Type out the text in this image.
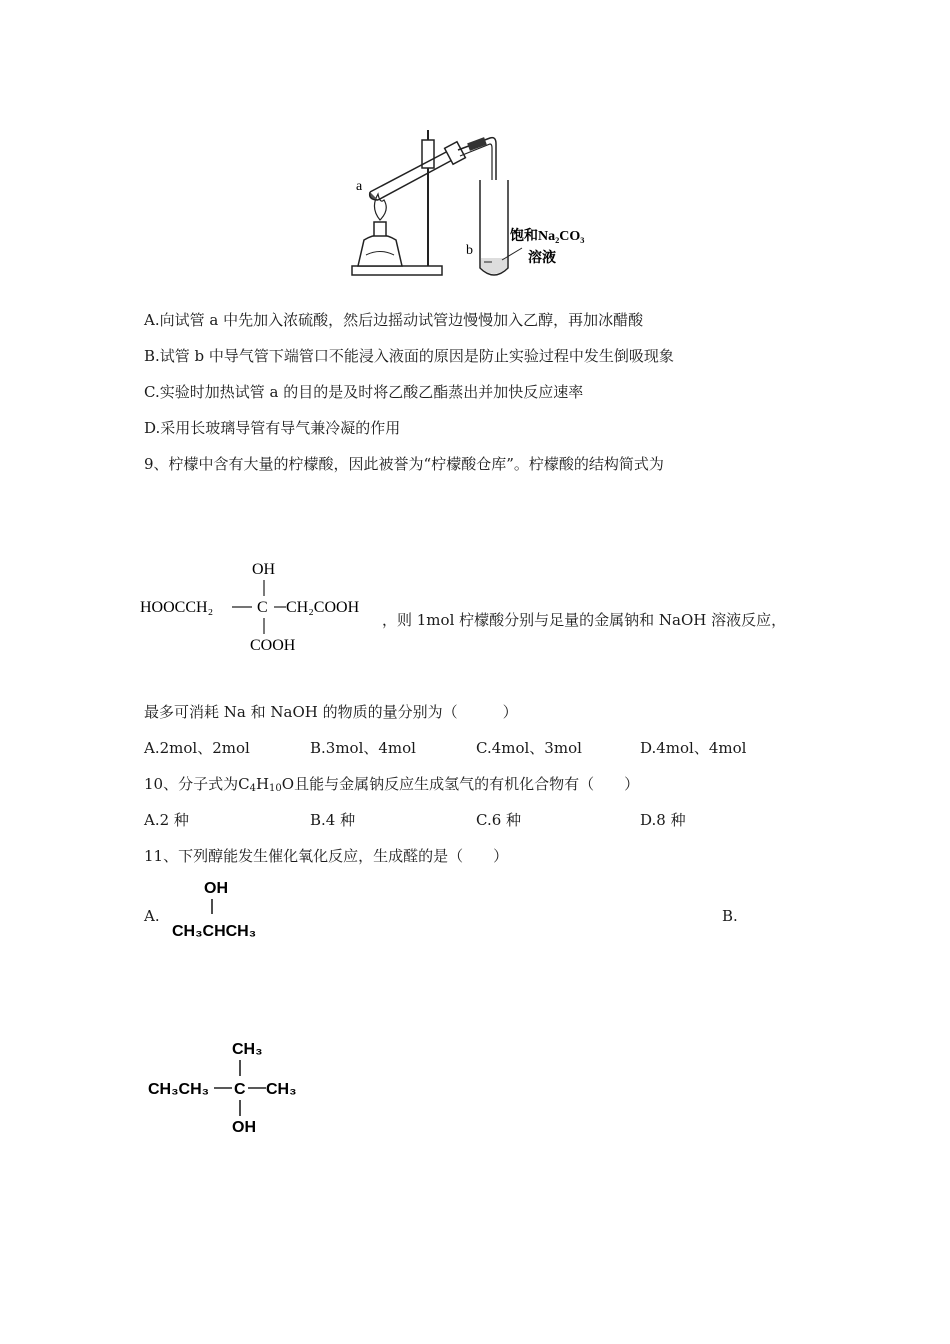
a
b
饱和Na₂CO₃
溶液
A.向试管 a 中先加入浓硫酸，然后边摇动试管边慢慢加入乙醇，再加冰醋酸
B.试管 b 中导气管下端管口不能浸入液面的原因是防止实验过程中发生倒吸现象
C.实验时加热试管 a 的目的是及时将乙酸乙酯蒸出并加快反应速率
D.采用长玻璃导管有导气兼冷凝的作用
9、柠檬中含有大量的柠檬酸，因此被誉为“柠檬酸仓库”。柠檬酸的结构简式为
OH
HOOCCH₂	C CH₂COOH
COOH
，则 1mol 柠檬酸分别与足量的金属钠和 NaOH 溶液反应，
最多可消耗 Na 和 NaOH 的物质的量分别为（　　　）
A.2mol、2mol	B.3mol、4mol	C.4mol、3mol	D.4mol、4mol
10、分子式为$C_4H_{10}O$且能与金属钠反应生成氢气的有机化合物有（　　）
A.2 种	B.4 种	C.6 种	D.8 种
11、下列醇能发生催化氧化反应，生成醛的是（　　）
A.	B.
OH
CH₃CHCH₃
CH₃
CH₃CH₃ C CH₃
OH
